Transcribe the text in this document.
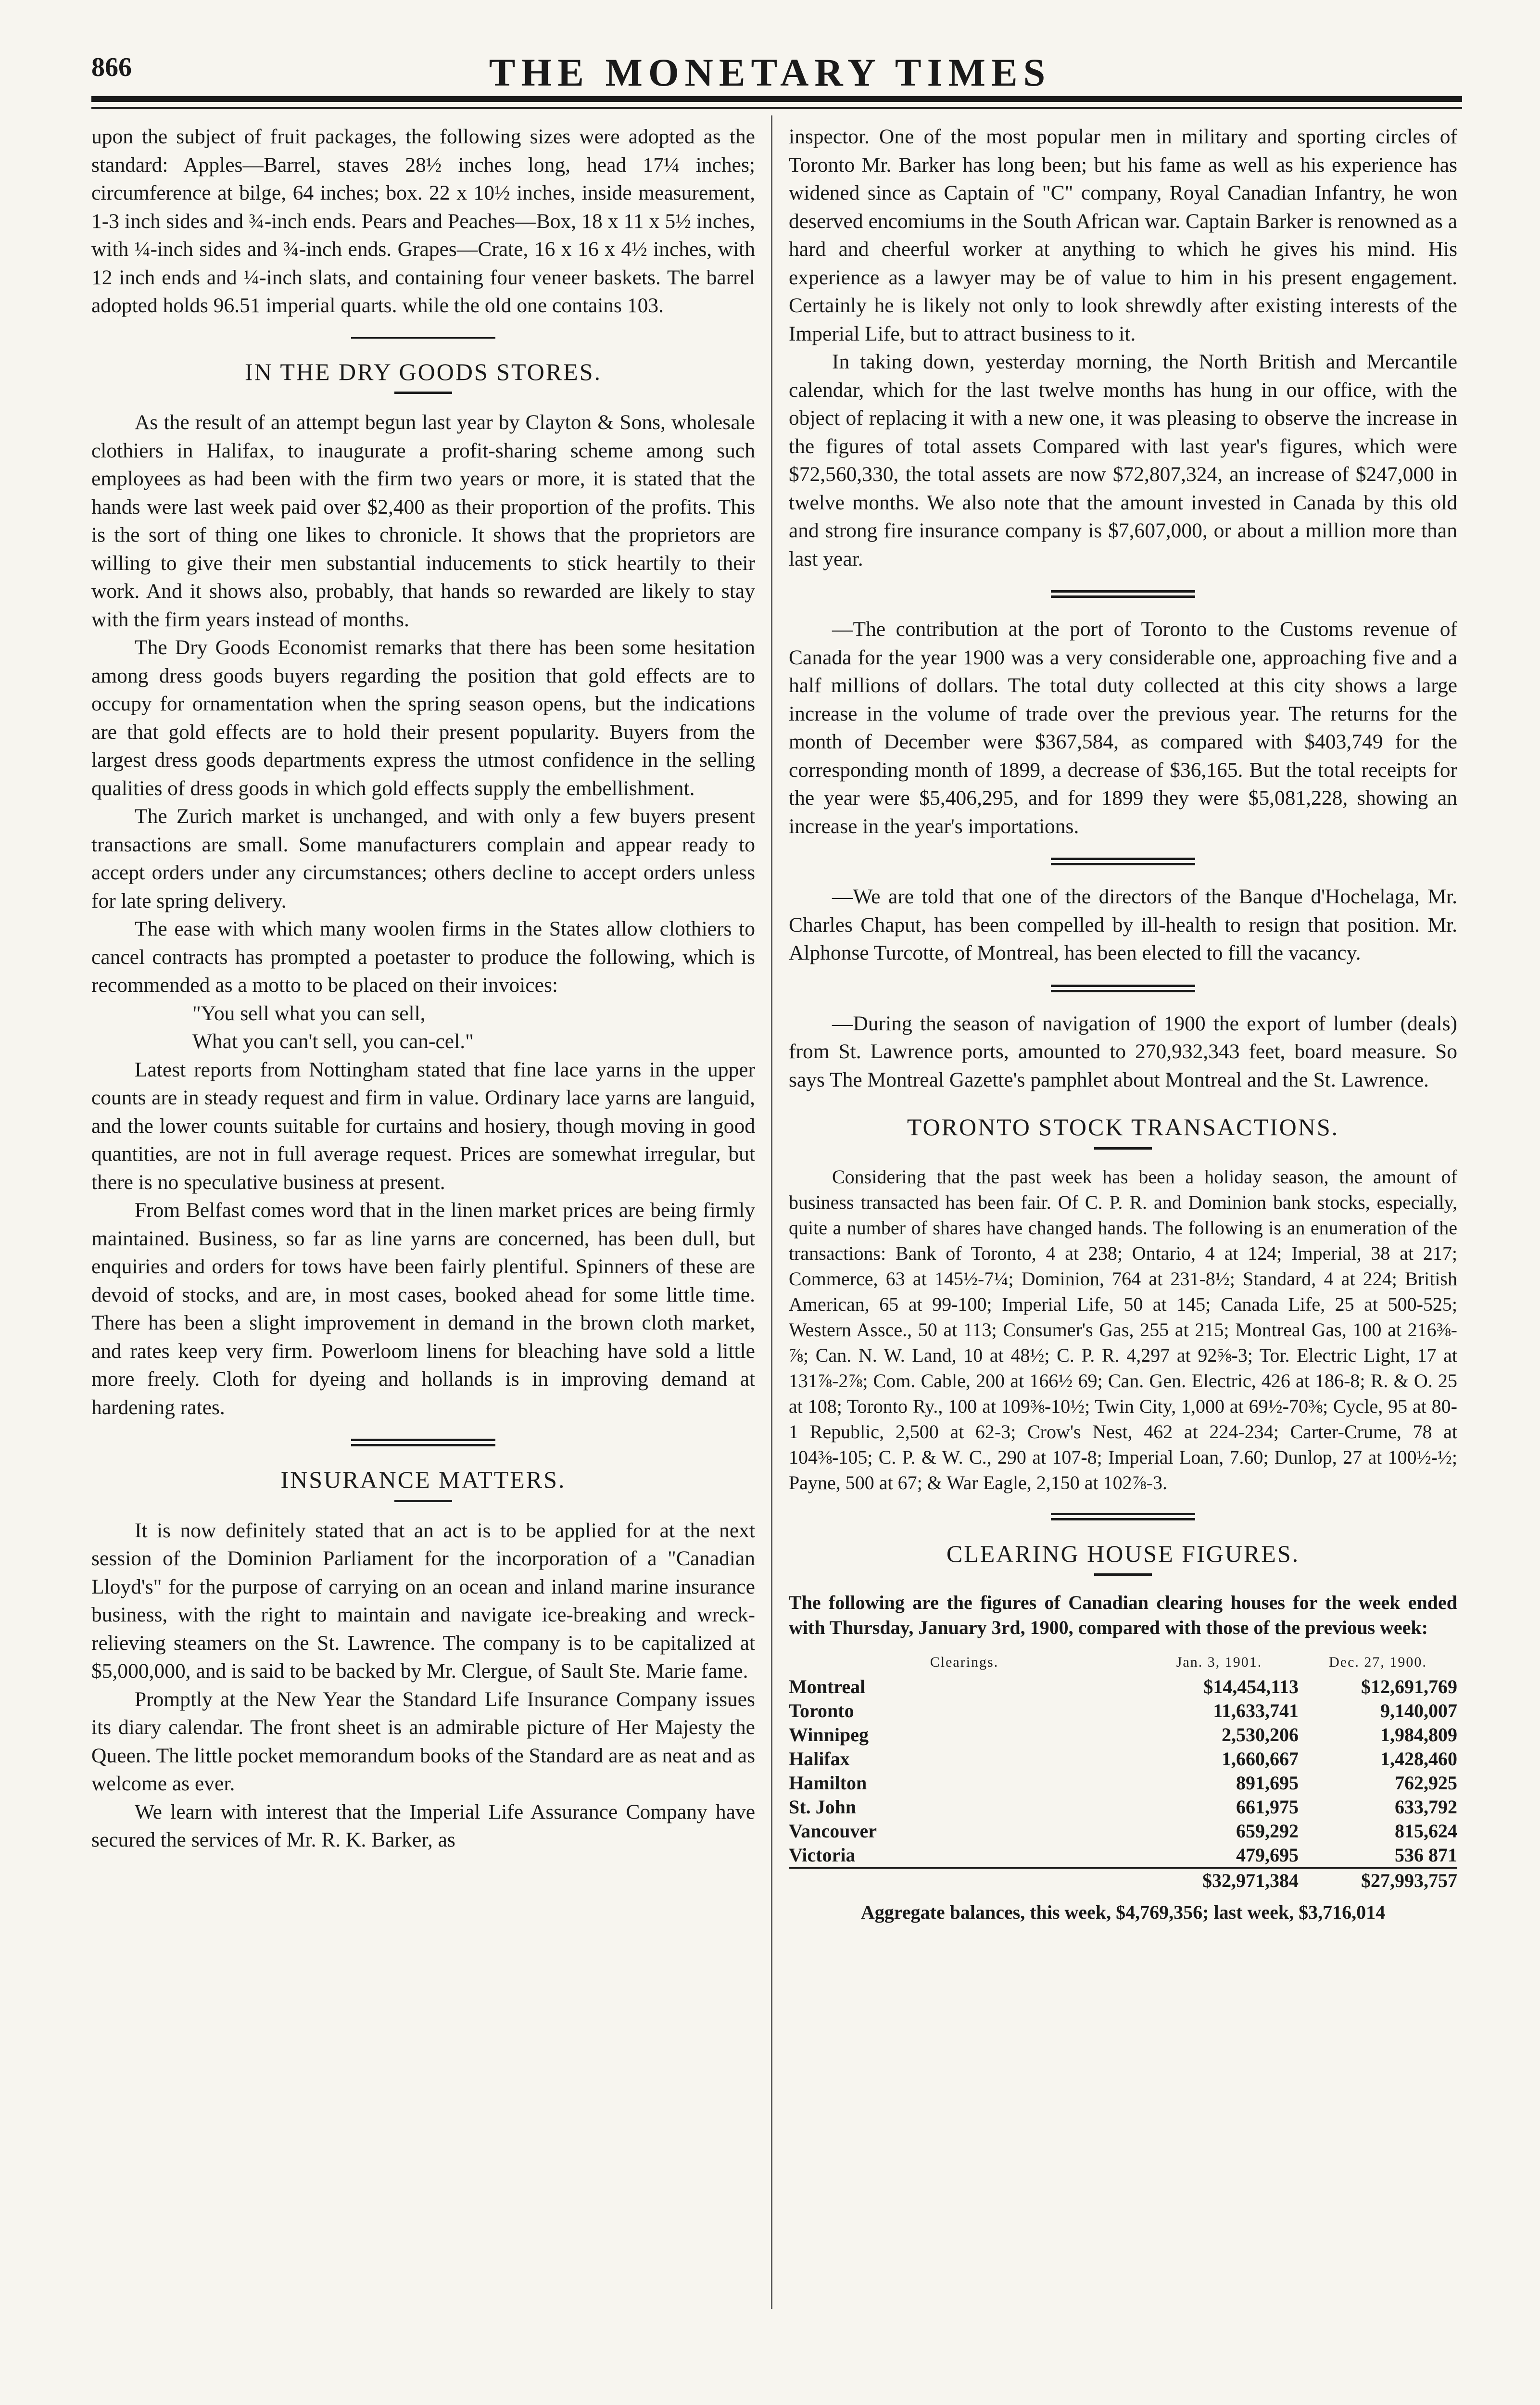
866	THE MONETARY TIMES

upon the subject of fruit packages, the following sizes were adopted as the standard: Apples—Barrel, staves 28½ inches long, head 17¼ inches; circumference at bilge, 64 inches; box. 22 x 10½ inches, inside measurement, 1-3 inch sides and ¾-inch ends. Pears and Peaches—Box, 18 x 11 x 5½ inches, with ¼-inch sides and ¾-inch ends. Grapes—Crate, 16 x 16 x 4½ inches, with 12 inch ends and ¼-inch slats, and containing four veneer baskets. The barrel adopted holds 96.51 imperial quarts. while the old one contains 103.

IN THE DRY GOODS STORES.

As the result of an attempt begun last year by Clayton & Sons, wholesale clothiers in Halifax, to inaugurate a profit-sharing scheme among such employees as had been with the firm two years or more, it is stated that the hands were last week paid over $2,400 as their proportion of the profits. This is the sort of thing one likes to chronicle. It shows that the proprietors are willing to give their men substantial inducements to stick heartily to their work. And it shows also, probably, that hands so rewarded are likely to stay with the firm years instead of months.

The Dry Goods Economist remarks that there has been some hesitation among dress goods buyers regarding the position that gold effects are to occupy for ornamentation when the spring season opens, but the indications are that gold effects are to hold their present popularity. Buyers from the largest dress goods departments express the utmost confidence in the selling qualities of dress goods in which gold effects supply the embellishment.

The Zurich market is unchanged, and with only a few buyers present transactions are small. Some manufacturers complain and appear ready to accept orders under any circumstances; others decline to accept orders unless for late spring delivery.

The ease with which many woolen firms in the States allow clothiers to cancel contracts has prompted a poetaster to produce the following, which is recommended as a motto to be placed on their invoices:

"You sell what you can sell,

What you can't sell, you can-cel."

Latest reports from Nottingham stated that fine lace yarns in the upper counts are in steady request and firm in value. Ordinary lace yarns are languid, and the lower counts suitable for curtains and hosiery, though moving in good quantities, are not in full average request. Prices are somewhat irregular, but there is no speculative business at present.

From Belfast comes word that in the linen market prices are being firmly maintained. Business, so far as line yarns are concerned, has been dull, but enquiries and orders for tows have been fairly plentiful. Spinners of these are devoid of stocks, and are, in most cases, booked ahead for some little time. There has been a slight improvement in demand in the brown cloth market, and rates keep very firm. Powerloom linens for bleaching have sold a little more freely. Cloth for dyeing and hollands is in improving demand at hardening rates.

INSURANCE MATTERS.

It is now definitely stated that an act is to be applied for at the next session of the Dominion Parliament for the incorporation of a "Canadian Lloyd's" for the purpose of carrying on an ocean and inland marine insurance business, with the right to maintain and navigate ice-breaking and wreck-relieving steamers on the St. Lawrence. The company is to be capitalized at $5,000,000, and is said to be backed by Mr. Clergue, of Sault Ste. Marie fame.

Promptly at the New Year the Standard Life Insurance Company issues its diary calendar. The front sheet is an admirable picture of Her Majesty the Queen. The little pocket memorandum books of the Standard are as neat and as welcome as ever.

We learn with interest that the Imperial Life Assurance Company have secured the services of Mr. R. K. Barker, as

inspector. One of the most popular men in military and sporting circles of Toronto Mr. Barker has long been; but his fame as well as his experience has widened since as Captain of "C" company, Royal Canadian Infantry, he won deserved encomiums in the South African war. Captain Barker is renowned as a hard and cheerful worker at anything to which he gives his mind. His experience as a lawyer may be of value to him in his present engagement. Certainly he is likely not only to look shrewdly after existing interests of the Imperial Life, but to attract business to it.

In taking down, yesterday morning, the North British and Mercantile calendar, which for the last twelve months has hung in our office, with the object of replacing it with a new one, it was pleasing to observe the increase in the figures of total assets Compared with last year's figures, which were $72,560,330, the total assets are now $72,807,324, an increase of $247,000 in twelve months. We also note that the amount invested in Canada by this old and strong fire insurance company is $7,607,000, or about a million more than last year.

—The contribution at the port of Toronto to the Customs revenue of Canada for the year 1900 was a very considerable one, approaching five and a half millions of dollars. The total duty collected at this city shows a large increase in the volume of trade over the previous year. The returns for the month of December were $367,584, as compared with $403,749 for the corresponding month of 1899, a decrease of $36,165. But the total receipts for the year were $5,406,295, and for 1899 they were $5,081,228, showing an increase in the year's importations.

—We are told that one of the directors of the Banque d'Hochelaga, Mr. Charles Chaput, has been compelled by ill-health to resign that position. Mr. Alphonse Turcotte, of Montreal, has been elected to fill the vacancy.

—During the season of navigation of 1900 the export of lumber (deals) from St. Lawrence ports, amounted to 270,932,343 feet, board measure. So says The Montreal Gazette's pamphlet about Montreal and the St. Lawrence.

TORONTO STOCK TRANSACTIONS.

Considering that the past week has been a holiday season, the amount of business transacted has been fair. Of C. P. R. and Dominion bank stocks, especially, quite a number of shares have changed hands. The following is an enumeration of the transactions: Bank of Toronto, 4 at 238; Ontario, 4 at 124; Imperial, 38 at 217; Commerce, 63 at 145½-7¼; Dominion, 764 at 231-8½; Standard, 4 at 224; British American, 65 at 99-100; Imperial Life, 50 at 145; Canada Life, 25 at 500-525; Western Assce., 50 at 113; Consumer's Gas, 255 at 215; Montreal Gas, 100 at 216⅜-⅞; Can. N. W. Land, 10 at 48½; C. P. R. 4,297 at 92⅝-3; Tor. Electric Light, 17 at 131⅞-2⅞; Com. Cable, 200 at 166½ 69; Can. Gen. Electric, 426 at 186-8; R. & O. 25 at 108; Toronto Ry., 100 at 109⅜-10½; Twin City, 1,000 at 69½-70⅜; Cycle, 95 at 80-1 Republic, 2,500 at 62-3; Crow's Nest, 462 at 224-234; Carter-Crume, 78 at 104⅜-105; C. P. & W. C., 290 at 107-8; Imperial Loan, 7.60; Dunlop, 27 at 100½-½; Payne, 500 at 67; & War Eagle, 2,150 at 102⅞-3.

CLEARING HOUSE FIGURES.

The following are the figures of Canadian clearing houses for the week ended with Thursday, January 3rd, 1900, compared with those of the previous week:

Clearings.	Jan. 3, 1901.	Dec. 27, 1900.
Montreal	$14,454,113	$12,691,769
Toronto	11,633,741	9,140,007
Winnipeg	2,530,206	1,984,809
Halifax	1,660,667	1,428,460
Hamilton	891,695	762,925
St. John	661,975	633,792
Vancouver	659,292	815,624
Victoria	479,695	536 871
	$32,971,384	$27,993,757
Aggregate balances, this week, $4,769,356; last week, $3,716,014
